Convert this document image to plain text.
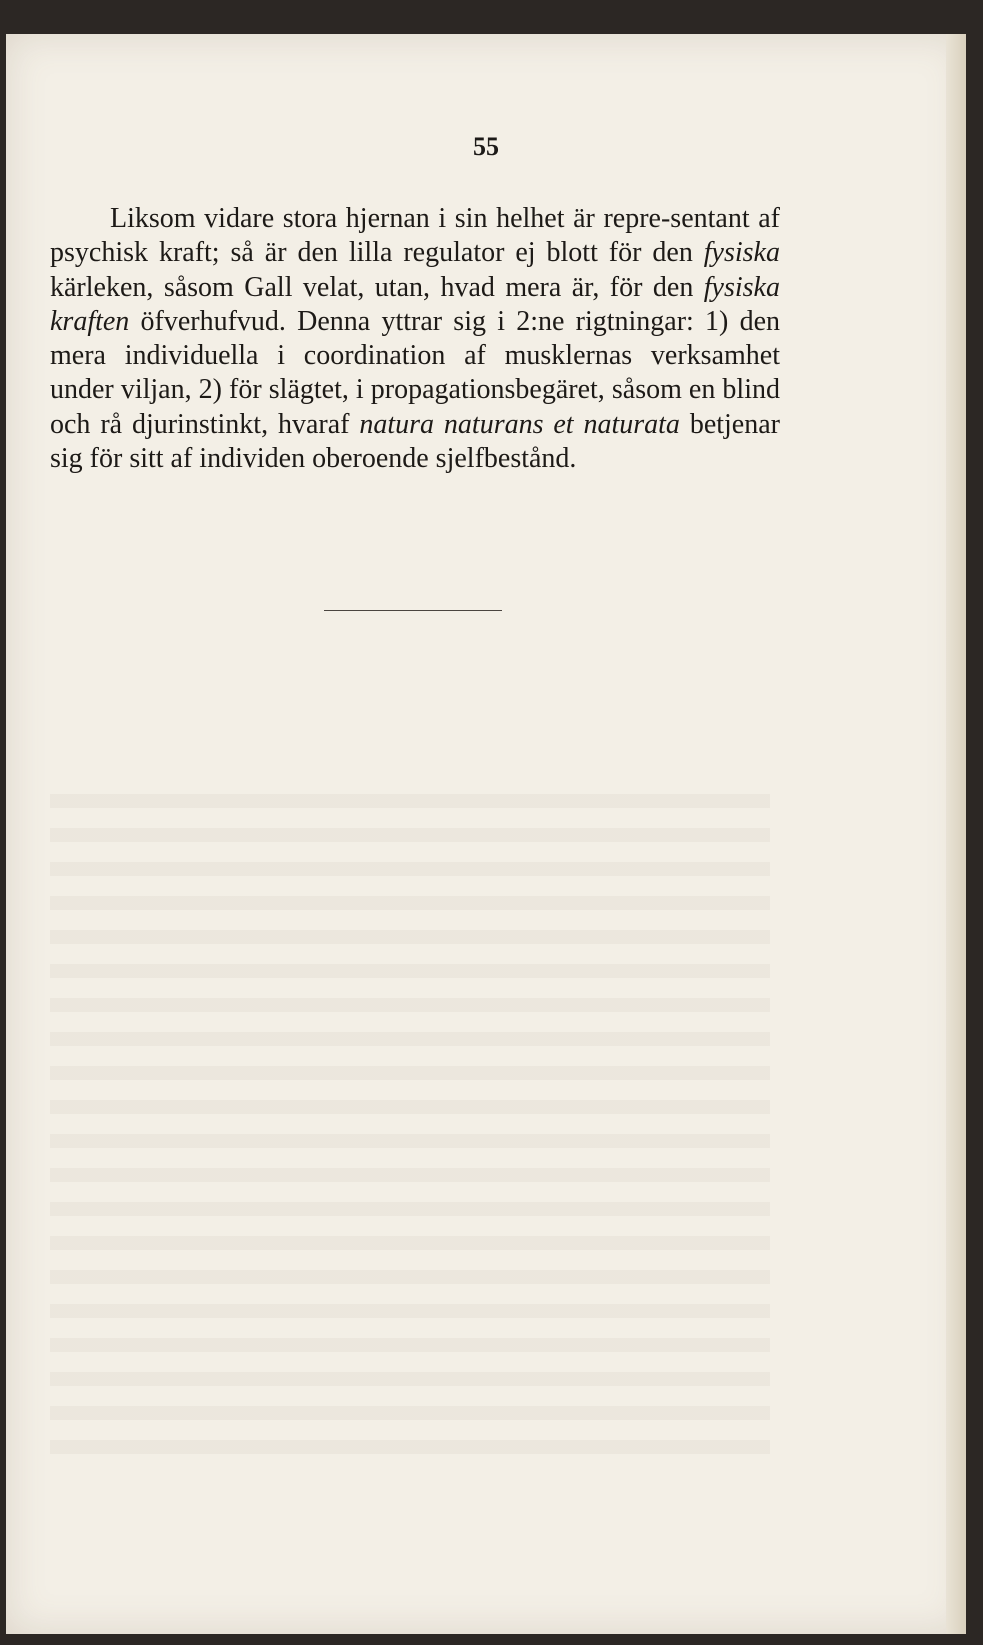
55
Liksom vidare stora hjernan i sin helhet är repre-sentant af psychisk kraft; så är den lilla regulator ej blott för den fysiska kärleken, såsom Gall velat, utan, hvad mera är, för den fysiska kraften öfverhufvud. Denna yttrar sig i 2:ne rigtningar: 1) den mera individuella i coordination af musklernas verksamhet under viljan, 2) för slägtet, i propagationsbegäret, såsom en blind och rå djurinstinkt, hvaraf natura naturans et naturata betjenar sig för sitt af individen oberoende sjelfbestånd.
